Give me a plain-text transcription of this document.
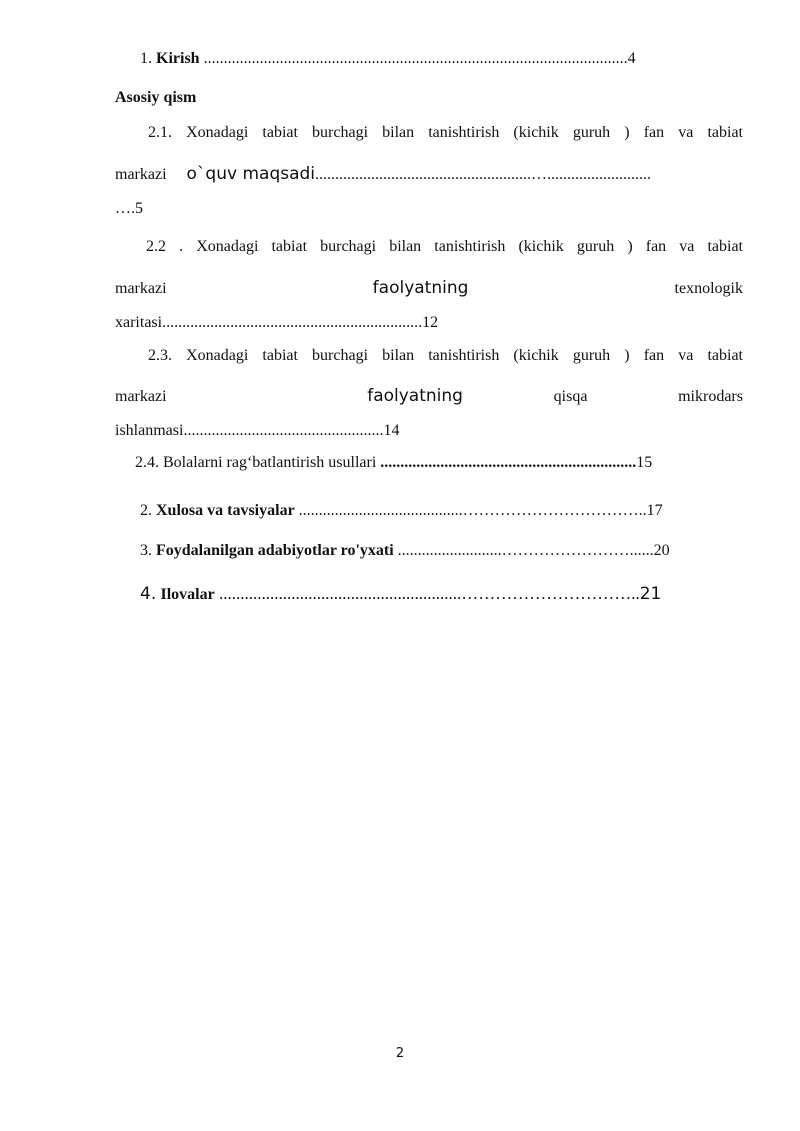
1. Kirish ..........................................................................................................4
Asosiy qism
2.1. Xonadagi tabiat burchagi bilan tanishtirish (kichik guruh ) fan va tabiat
markazi o`quv maqsadi......................................................…..........................
….5
2.2 . Xonadagi tabiat burchagi bilan tanishtirish (kichik guruh ) fan va tabiat
markazi	faolyatning	texnologik
xaritasi.................................................................12
2.3. Xonadagi tabiat burchagi bilan tanishtirish (kichik guruh ) fan va tabiat
markazi	faolyatning	qisqa	mikrodars
ishlanmasi..................................................14
2.4. Bolalarni rag‘batlantirish usullari ................................................................15
2. Xulosa va tavsiyalar .........................................……………………………..17
3. Foydalanilgan adabiyotlar ro'yxati ..........................……………………......20
4. Ilovalar .........................................................…………………………..21
2
